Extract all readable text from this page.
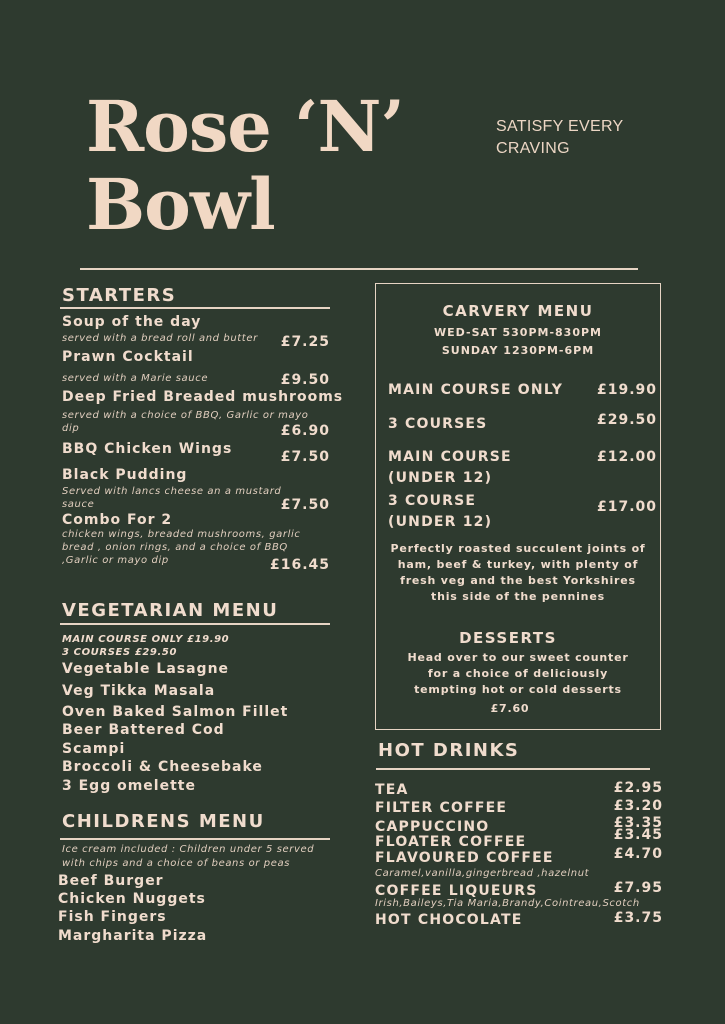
Rose ‘N’
Bowl
SATISFY EVERY
CRAVING
STARTERS
Soup of the day
served with a bread roll and butter	£7.25
Prawn Cocktail
served with a Marie sauce	£9.50
Deep Fried Breaded mushrooms
served with a choice of BBQ, Garlic or mayo
dip	£6.90
BBQ Chicken Wings	£7.50
Black Pudding
Served with lancs cheese an a mustard
sauce	£7.50
Combo For 2
chicken wings, breaded mushrooms, garlic
bread , onion rings, and a choice of BBQ
,Garlic or mayo dip	£16.45
VEGETARIAN MENU
MAIN COURSE ONLY £19.90
3 COURSES £29.50
Vegetable Lasagne
Veg Tikka Masala
Oven Baked Salmon Fillet
Beer Battered Cod
Scampi
Broccoli & Cheesebake
3 Egg omelette
CHILDRENS MENU
Ice cream included : Children under 5 served
with chips and a choice of beans or peas
Beef Burger
Chicken Nuggets
Fish Fingers
Margharita Pizza
CARVERY MENU
WED-SAT 530PM-830PM
SUNDAY 1230PM-6PM
MAIN COURSE ONLY	£19.90
3 COURSES	£29.50
MAIN COURSE
(UNDER 12)
£12.00
3 COURSE
(UNDER 12)
£17.00
Perfectly roasted succulent joints of
ham, beef & turkey, with plenty of
fresh veg and the best Yorkshires
this side of the pennines
DESSERTS
Head over to our sweet counter
for a choice of deliciously
tempting hot or cold desserts
£7.60
HOT DRINKS
TEA	£2.95
FILTER COFFEE	£3.20
CAPPUCCINO	£3.35
FLOATER COFFEE	£3.45
FLAVOURED COFFEE	£4.70
Caramel,vanilla,gingerbread ,hazelnut
COFFEE LIQUEURS	£7.95
Irish,Baileys,Tia Maria,Brandy,Cointreau,Scotch
HOT CHOCOLATE	£3.75
